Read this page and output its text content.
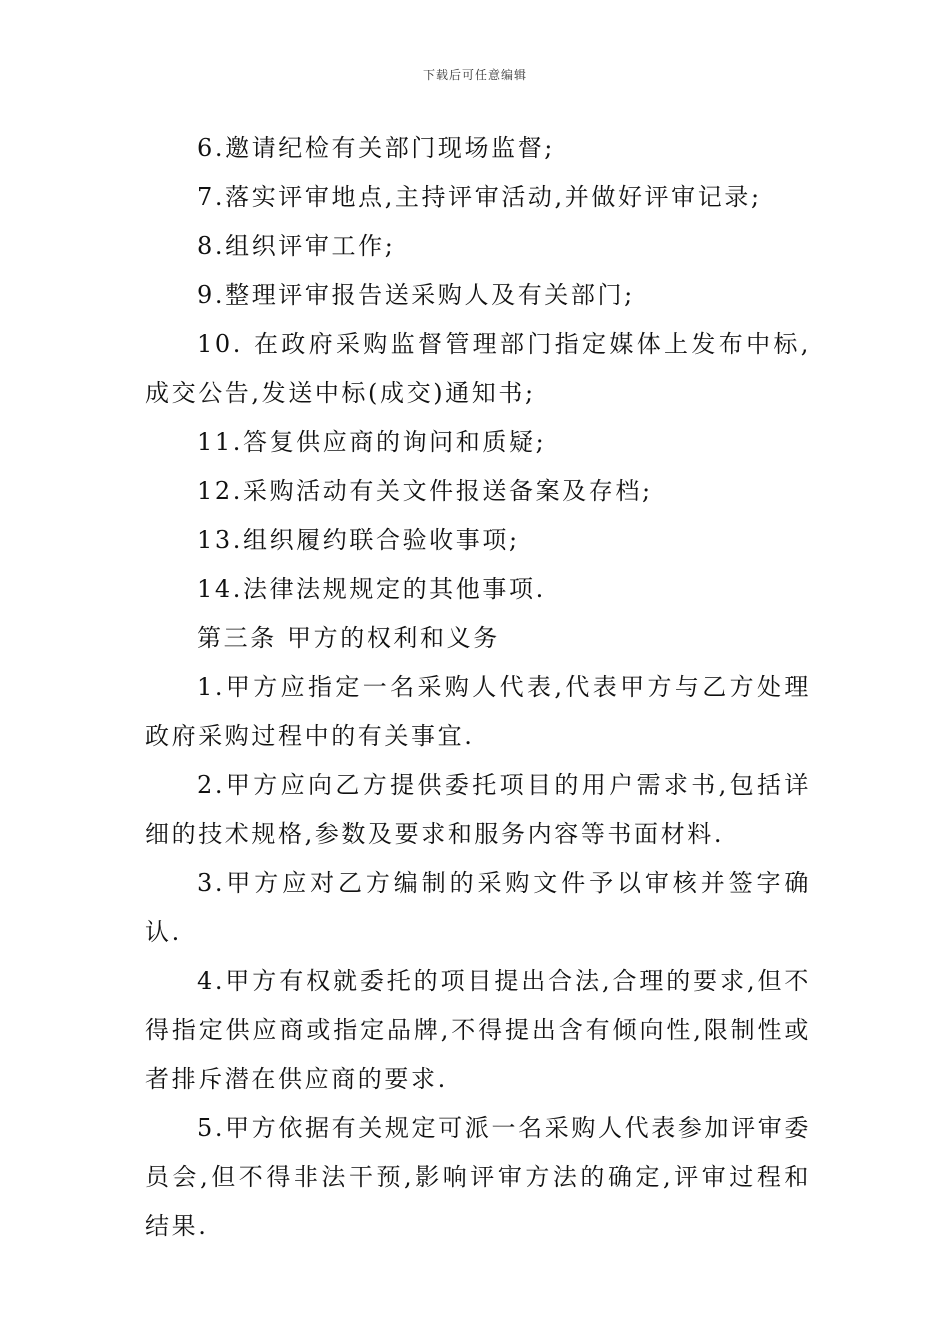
下载后可任意编辑

6.邀请纪检有关部门现场监督;

7.落实评审地点,主持评审活动,并做好评审记录;

8.组织评审工作;

9.整理评审报告送采购人及有关部门;

10. 在政府采购监督管理部门指定媒体上发布中标,成交公告,发送中标(成交)通知书;

11.答复供应商的询问和质疑;

12.采购活动有关文件报送备案及存档;

13.组织履约联合验收事项;

14.法律法规规定的其他事项.

第三条 甲方的权利和义务

1.甲方应指定一名采购人代表,代表甲方与乙方处理政府采购过程中的有关事宜.

2.甲方应向乙方提供委托项目的用户需求书,包括详细的技术规格,参数及要求和服务内容等书面材料.

3.甲方应对乙方编制的采购文件予以审核并签字确认.

4.甲方有权就委托的项目提出合法,合理的要求,但不得指定供应商或指定品牌,不得提出含有倾向性,限制性或者排斥潜在供应商的要求.

5.甲方依据有关规定可派一名采购人代表参加评审委员会,但不得非法干预,影响评审方法的确定,评审过程和结果.
